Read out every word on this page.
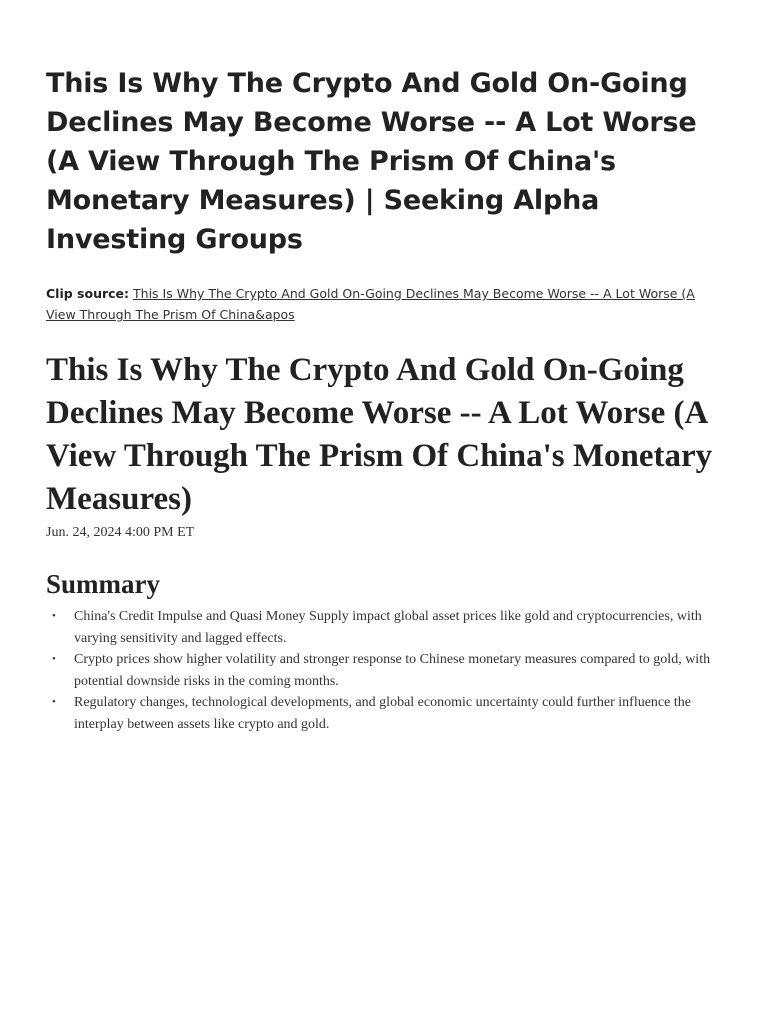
This Is Why The Crypto And Gold On-Going Declines May Become Worse -- A Lot Worse (A View Through The Prism Of China's Monetary Measures) | Seeking Alpha Investing Groups
Clip source: This Is Why The Crypto And Gold On-Going Declines May Become Worse -- A Lot Worse (A View Through The Prism Of China&apos
This Is Why The Crypto And Gold On-Going Declines May Become Worse -- A Lot Worse (A View Through The Prism Of China's Monetary Measures)
Jun. 24, 2024 4:00 PM ET
Summary
• China's Credit Impulse and Quasi Money Supply impact global asset prices like gold and cryptocurrencies, with varying sensitivity and lagged effects.
• Crypto prices show higher volatility and stronger response to Chinese monetary measures compared to gold, with potential downside risks in the coming months.
• Regulatory changes, technological developments, and global economic uncertainty could further influence the interplay between assets like crypto and gold.
